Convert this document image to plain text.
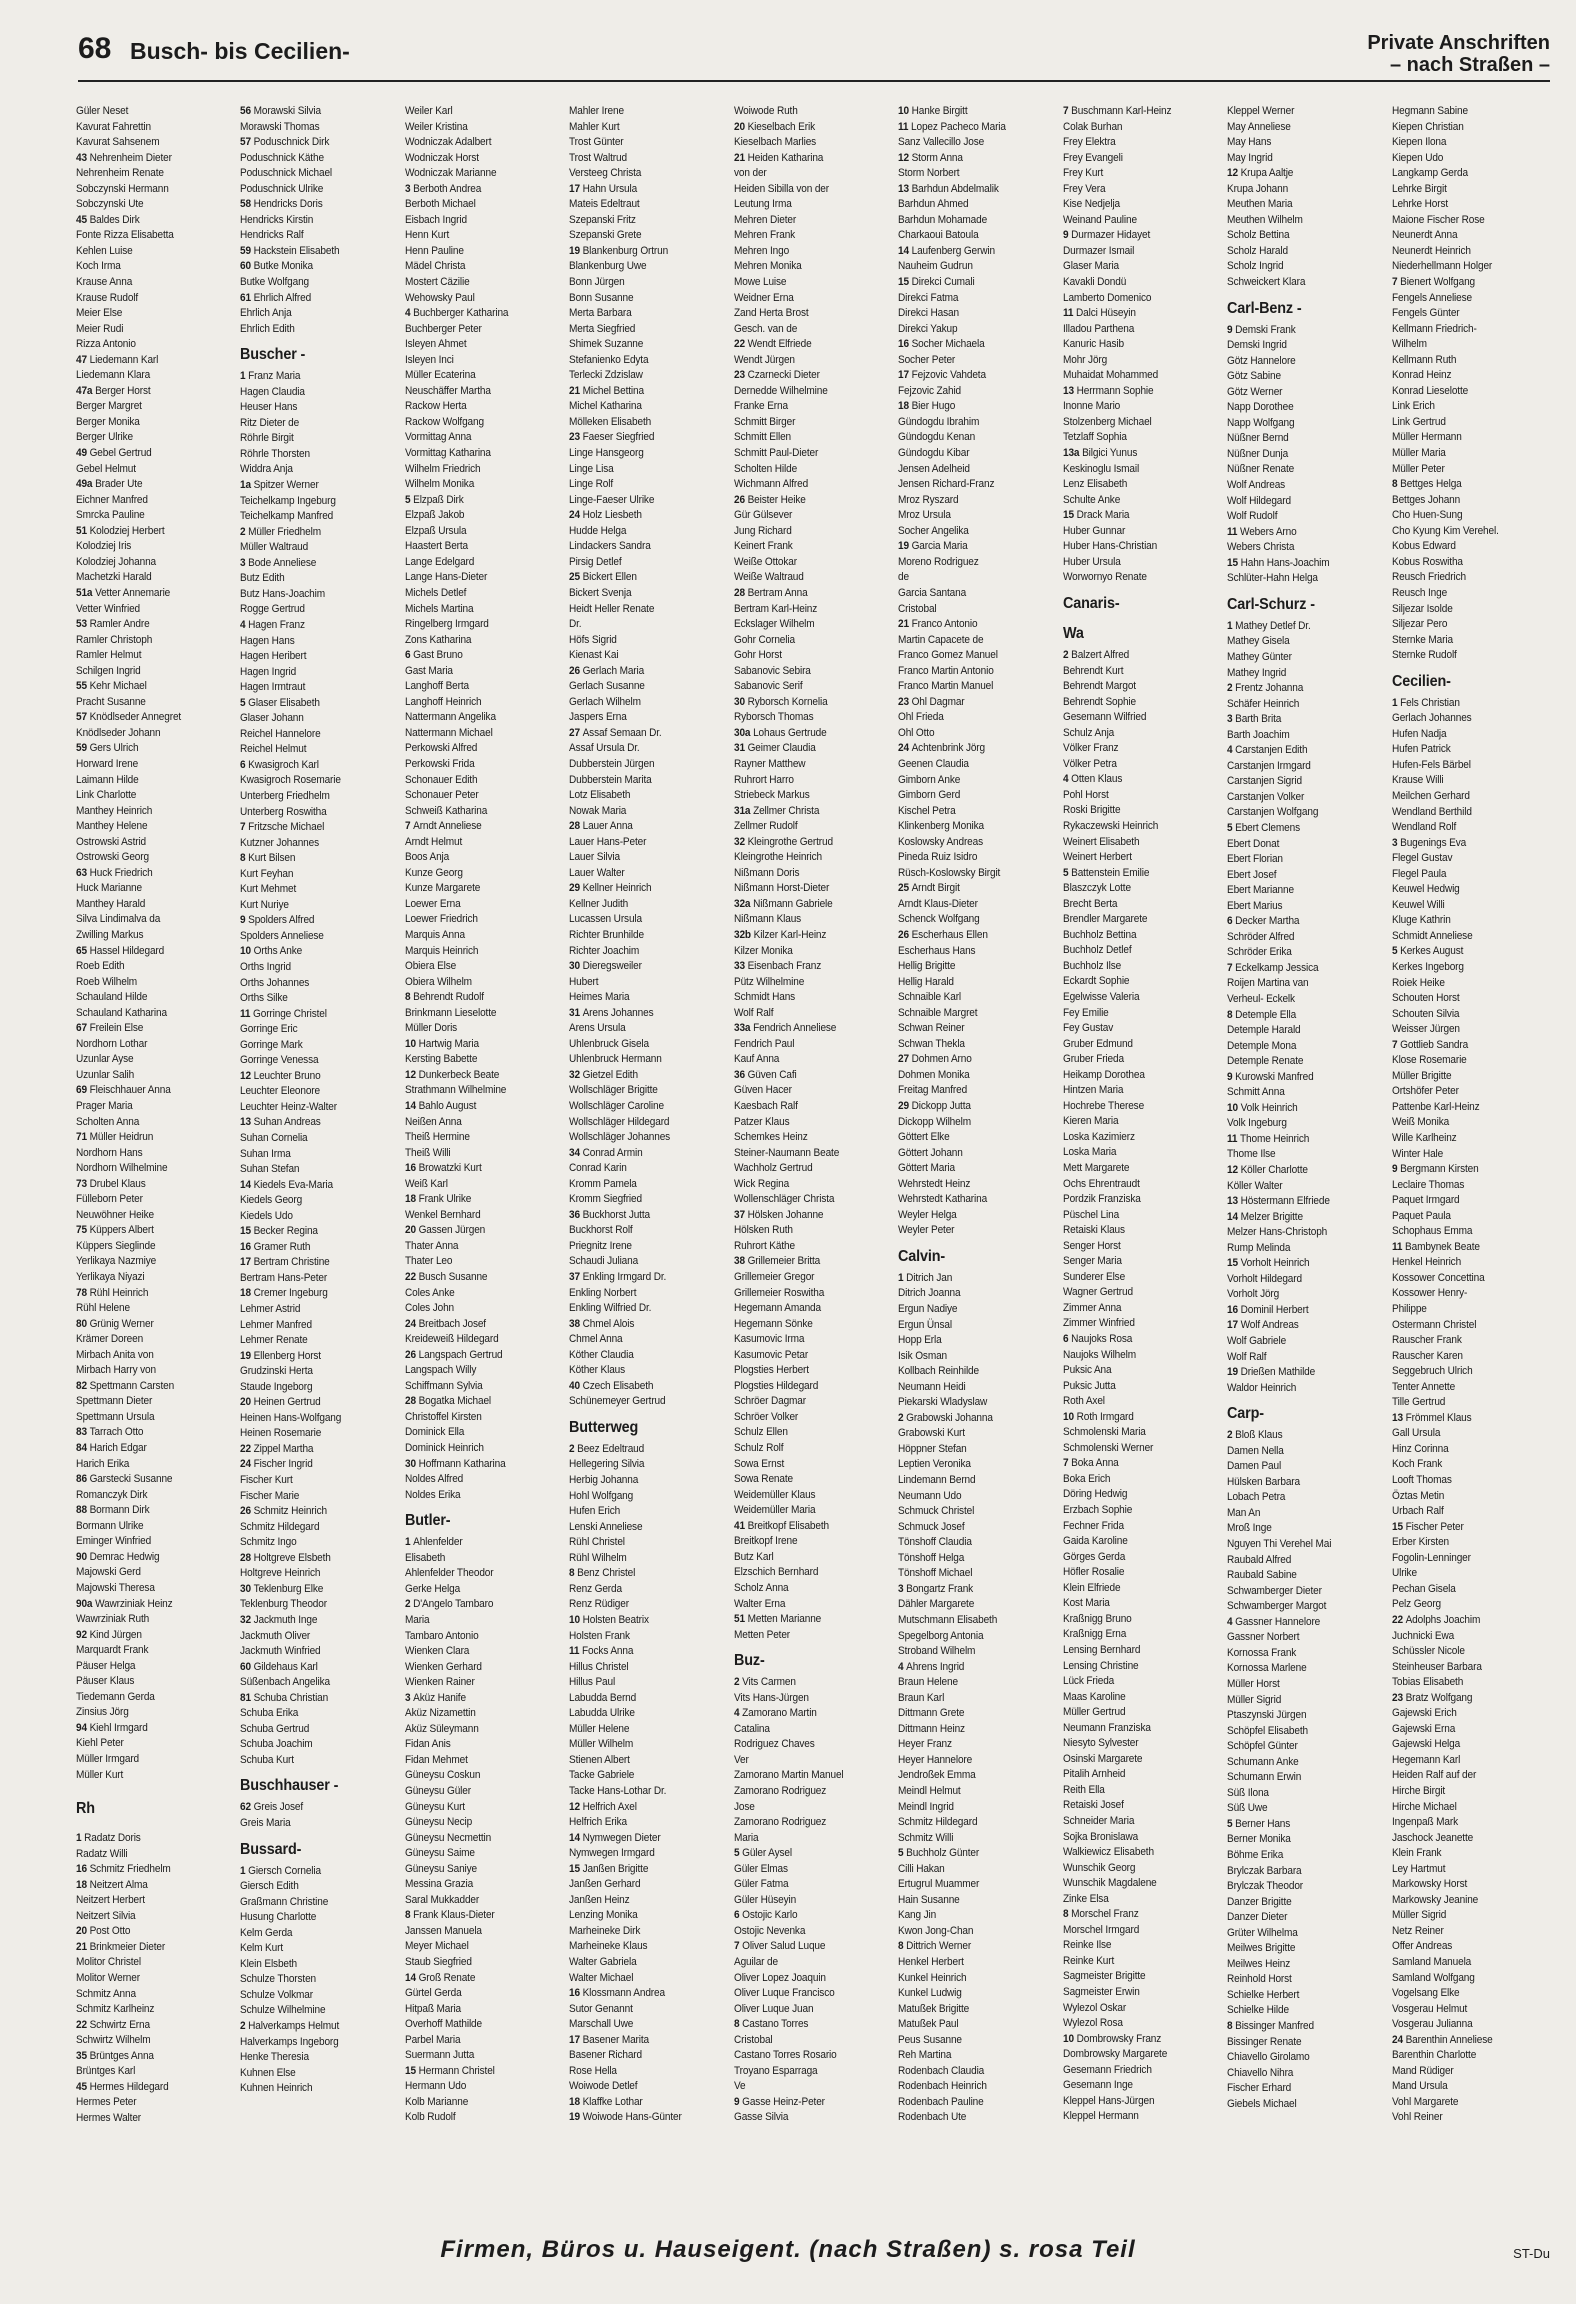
68 Busch- bis Cecilien-	Private Anschriften
– nach Straßen –
Güler Neset
Kavurat Fahrettin
Kavurat Sahsenem
43 Nehrenheim Dieter
Nehrenheim Renate
Sobczynski Hermann
Sobczynski Ute
45 Baldes Dirk
Fonte Rizza Elisabetta
Kehlen Luise
Koch Irma
Krause Anna
Krause Rudolf
Meier Else
Meier Rudi
Rizza Antonio
47 Liedemann Karl
Liedemann Klara
47a Berger Horst
Berger Margret
Berger Monika
Berger Ulrike
49 Gebel Gertrud
Gebel Helmut
49a Brader Ute
Eichner Manfred
Smrcka Pauline
51 Kolodziej Herbert
Kolodziej Iris
Kolodziej Johanna
Machetzki Harald
51a Vetter Annemarie
Vetter Winfried
53 Ramler Andre
Ramler Christoph
Ramler Helmut
Schilgen Ingrid
55 Kehr Michael
Pracht Susanne
57 Knödlseder Annegret
Knödlseder Johann
59 Gers Ulrich
Horward Irene
Laimann Hilde
Link Charlotte
Manthey Heinrich
Manthey Helene
Ostrowski Astrid
Ostrowski Georg
63 Huck Friedrich
Huck Marianne
Manthey Harald
Silva Lindimalva da
Zwilling Markus
65 Hassel Hildegard
Roeb Edith
Roeb Wilhelm
Schauland Hilde
Schauland Katharina
67 Freilein Else
Nordhorn Lothar
Uzunlar Ayse
Uzunlar Salih
69 Fleischhauer Anna
Prager Maria
Scholten Anna
71 Müller Heidrun
Nordhorn Hans
Nordhorn Wilhelmine
73 Drubel Klaus
Fülleborn Peter
Neuwöhner Heike
75 Küppers Albert
Küppers Sieglinde
Yerlikaya Nazmiye
Yerlikaya Niyazi
78 Rühl Heinrich
Rühl Helene
80 Grünig Werner
Krämer Doreen
Mirbach Anita von
Mirbach Harry von
82 Spettmann Carsten
Spettmann Dieter
Spettmann Ursula
83 Tarrach Otto
84 Harich Edgar
Harich Erika
86 Garstecki Susanne
Romanczyk Dirk
88 Bormann Dirk
Bormann Ulrike
Eminger Winfried
90 Demrac Hedwig
Majowski Gerd
Majowski Theresa
90a Wawrziniak Heinz
Wawrziniak Ruth
92 Kind Jürgen
Marquardt Frank
Päuser Helga
Päuser Klaus
Tiedemann Gerda
Zinsius Jörg
94 Kiehl Irmgard
Kiehl Peter
Müller Irmgard
Müller Kurt
Rh
1 Radatz Doris
Radatz Willi
16 Schmitz Friedhelm
18 Neitzert Alma
Neitzert Herbert
Neitzert Silvia
20 Post Otto
21 Brinkmeier Dieter
Molitor Christel
Molitor Werner
Schmitz Anna
Schmitz Karlheinz
22 Schwirtz Erna
Schwirtz Wilhelm
35 Brüntges Anna
Brüntges Karl
45 Hermes Hildegard
Hermes Peter
Hermes Walter
56 Morawski Silvia
Morawski Thomas
57 Poduschnick Dirk
Poduschnick Käthe
Poduschnick Michael
Poduschnick Ulrike
58 Hendricks Doris
Hendricks Kirstin
Hendricks Ralf
59 Hackstein Elisabeth
60 Butke Monika
Butke Wolfgang
61 Ehrlich Alfred
Ehrlich Anja
Ehrlich Edith
Buscher -
1 Franz Maria
Hagen Claudia
Heuser Hans
Ritz Dieter de
Röhrle Birgit
Röhrle Thorsten
Widdra Anja
1a Spitzer Werner
Teichelkamp Ingeburg
Teichelkamp Manfred
2 Müller Friedhelm
Müller Waltraud
3 Bode Anneliese
Butz Edith
Butz Hans-Joachim
Rogge Gertrud
4 Hagen Franz
Hagen Hans
Hagen Heribert
Hagen Ingrid
Hagen Irmtraut
5 Glaser Elisabeth
Glaser Johann
Reichel Hannelore
Reichel Helmut
6 Kwasigroch Karl
Kwasigroch Rosemarie
Unterberg Friedhelm
Unterberg Roswitha
7 Fritzsche Michael
Kutzner Johannes
8 Kurt Bilsen
Kurt Feyhan
Kurt Mehmet
Kurt Nuriye
9 Spolders Alfred
Spolders Anneliese
10 Orths Anke
Orths Ingrid
Orths Johannes
Orths Silke
11 Gorringe Christel
Gorringe Eric
Gorringe Mark
Gorringe Venessa
12 Leuchter Bruno
Leuchter Eleonore
Leuchter Heinz-Walter
13 Suhan Andreas
Suhan Cornelia
Suhan Irma
Suhan Stefan
14 Kiedels Eva-Maria
Kiedels Georg
Kiedels Udo
15 Becker Regina
16 Gramer Ruth
17 Bertram Christine
Bertram Hans-Peter
18 Cremer Ingeburg
Lehmer Astrid
Lehmer Manfred
Lehmer Renate
19 Ellenberg Horst
Grudzinski Herta
Staude Ingeborg
20 Heinen Gertrud
Heinen Hans-Wolfgang
Heinen Rosemarie
22 Zippel Martha
24 Fischer Ingrid
Fischer Kurt
Fischer Marie
26 Schmitz Heinrich
Schmitz Hildegard
Schmitz Ingo
28 Holtgreve Elsbeth
Holtgreve Heinrich
30 Teklenburg Elke
Teklenburg Theodor
32 Jackmuth Inge
Jackmuth Oliver
Jackmuth Winfried
60 Gildehaus Karl
Süßenbach Angelika
81 Schuba Christian
Schuba Erika
Schuba Gertrud
Schuba Joachim
Schuba Kurt
Buschhauser -
62 Greis Josef
Greis Maria
Bussard-
1 Giersch Cornelia
Giersch Edith
Graßmann Christine
Husung Charlotte
Kelm Gerda
Kelm Kurt
Klein Elsbeth
Schulze Thorsten
Schulze Volkmar
Schulze Wilhelmine
2 Halverkamps Helmut
Halverkamps Ingeborg
Henke Theresia
Kuhnen Else
Kuhnen Heinrich
Weiler Karl
Weiler Kristina
Wodniczak Adalbert
Wodniczak Horst
Wodniczak Marianne
3 Berboth Andrea
Berboth Michael
Eisbach Ingrid
Henn Kurt
Henn Pauline
Mädel Christa
Mostert Cäzilie
Wehowsky Paul
4 Buchberger Katharina
Buchberger Peter
Isleyen Ahmet
Isleyen Inci
Müller Ecaterina
Neuschäffer Martha
Rackow Herta
Rackow Wolfgang
Vormittag Anna
Vormittag Katharina
Wilhelm Friedrich
Wilhelm Monika
5 Elzpaß Dirk
Elzpaß Jakob
Elzpaß Ursula
Haastert Berta
Lange Edelgard
Lange Hans-Dieter
Michels Detlef
Michels Martina
Ringelberg Irmgard
Zons Katharina
6 Gast Bruno
Gast Maria
Langhoff Berta
Langhoff Heinrich
Nattermann Angelika
Nattermann Michael
Perkowski Alfred
Perkowski Frida
Schonauer Edith
Schonauer Peter
Schweiß Katharina
7 Arndt Anneliese
Arndt Helmut
Boos Anja
Kunze Georg
Kunze Margarete
Loewer Erna
Loewer Friedrich
Marquis Anna
Marquis Heinrich
Obiera Else
Obiera Wilhelm
8 Behrendt Rudolf
Brinkmann Lieselotte
Müller Doris
10 Hartwig Maria
Kersting Babette
12 Dunkerbeck Beate
Strathmann Wilhelmine
14 Bahlo August
Neißen Anna
Theiß Hermine
Theiß Willi
16 Browatzki Kurt
Weiß Karl
18 Frank Ulrike
Wenkel Bernhard
20 Gassen Jürgen
Thater Anna
Thater Leo
22 Busch Susanne
Coles Anke
Coles John
24 Breitbach Josef
Kreideweiß Hildegard
26 Langspach Gertrud
Langspach Willy
Schiffmann Sylvia
28 Bogatka Michael
Christoffel Kirsten
Dominick Ella
Dominick Heinrich
30 Hoffmann Katharina
Noldes Alfred
Noldes Erika
Butler-
1 Ahlenfelder
Elisabeth
Ahlenfelder Theodor
Gerke Helga
2 D'Angelo Tambaro
Maria
Tambaro Antonio
Wienken Clara
Wienken Gerhard
Wienken Rainer
3 Aküz Hanife
Aküz Nizamettin
Aküz Süleymann
Fidan Anis
Fidan Mehmet
Güneysu Coskun
Güneysu Güler
Güneysu Kurt
Güneysu Necip
Güneysu Necmettin
Güneysu Saime
Güneysu Saniye
Messina Grazia
Saral Mukkadder
8 Frank Klaus-Dieter
Janssen Manuela
Meyer Michael
Staub Siegfried
14 Groß Renate
Gürtel Gerda
Hitpaß Maria
Overhoff Mathilde
Parbel Maria
Suermann Jutta
15 Hermann Christel
Hermann Udo
Kolb Marianne
Kolb Rudolf
Mahler Irene
Mahler Kurt
Trost Günter
Trost Waltrud
Versteeg Christa
17 Hahn Ursula
Mateis Edeltraut
Szepanski Fritz
Szepanski Grete
19 Blankenburg Ortrun
Blankenburg Uwe
Bonn Jürgen
Bonn Susanne
Merta Barbara
Merta Siegfried
Shimek Suzanne
Stefanienko Edyta
Terlecki Zdzislaw
21 Michel Bettina
Michel Katharina
Mölleken Elisabeth
23 Faeser Siegfried
Linge Hansgeorg
Linge Lisa
Linge Rolf
Linge-Faeser Ulrike
24 Holz Liesbeth
Hudde Helga
Lindackers Sandra
Pirsig Detlef
25 Bickert Ellen
Bickert Svenja
Heidt Heller Renate
Dr.
Höfs Sigrid
Kienast Kai
26 Gerlach Maria
Gerlach Susanne
Gerlach Wilhelm
Jaspers Erna
27 Assaf Semaan Dr.
Assaf Ursula Dr.
Dubberstein Jürgen
Dubberstein Marita
Lotz Elisabeth
Nowak Maria
28 Lauer Anna
Lauer Hans-Peter
Lauer Silvia
Lauer Walter
29 Kellner Heinrich
Kellner Judith
Lucassen Ursula
Richter Brunhilde
Richter Joachim
30 Dieregsweiler
Hubert
Heimes Maria
31 Arens Johannes
Arens Ursula
Uhlenbruck Gisela
Uhlenbruck Hermann
32 Gietzel Edith
Wollschläger Brigitte
Wollschläger Caroline
Wollschläger Hildegard
Wollschläger Johannes
34 Conrad Armin
Conrad Karin
Kromm Pamela
Kromm Siegfried
36 Buckhorst Jutta
Buckhorst Rolf
Priegnitz Irene
Schaudi Juliana
37 Enkling Irmgard Dr.
Enkling Norbert
Enkling Wilfried Dr.
38 Chmel Alois
Chmel Anna
Köther Claudia
Köther Klaus
40 Czech Elisabeth
Schünemeyer Gertrud
Butterweg
2 Beez Edeltraud
Hellegering Silvia
Herbig Johanna
Hohl Wolfgang
Hufen Erich
Lenski Anneliese
Rühl Christel
Rühl Wilhelm
8 Benz Christel
Renz Gerda
Renz Rüdiger
10 Holsten Beatrix
Holsten Frank
11 Focks Anna
Hillus Christel
Hillus Paul
Labudda Bernd
Labudda Ulrike
Müller Helene
Müller Wilhelm
Stienen Albert
Tacke Gabriele
Tacke Hans-Lothar Dr.
12 Helfrich Axel
Helfrich Erika
14 Nymwegen Dieter
Nymwegen Irmgard
15 Janßen Brigitte
Janßen Gerhard
Janßen Heinz
Lenzing Monika
Marheineke Dirk
Marheineke Klaus
Walter Gabriela
Walter Michael
16 Klossmann Andrea
Sutor Genannt
Marschall Uwe
17 Basener Marita
Basener Richard
Rose Hella
Woiwode Detlef
18 Klaffke Lothar
19 Woiwode Hans-Günter
Woiwode Ruth
20 Kieselbach Erik
Kieselbach Marlies
21 Heiden Katharina
von der
Heiden Sibilla von der
Leutung Irma
Mehren Dieter
Mehren Frank
Mehren Ingo
Mehren Monika
Mowe Luise
Weidner Erna
Zand Herta Brost
Gesch. van de
22 Wendt Elfriede
Wendt Jürgen
23 Czarnecki Dieter
Dernedde Wilhelmine
Franke Erna
Schmitt Birger
Schmitt Ellen
Schmitt Paul-Dieter
Scholten Hilde
Wichmann Alfred
26 Beister Heike
Gür Gülsever
Jung Richard
Keinert Frank
Weiße Ottokar
Weiße Waltraud
28 Bertram Anna
Bertram Karl-Heinz
Eckslager Wilhelm
Gohr Cornelia
Gohr Horst
Sabanovic Sebira
Sabanovic Serif
30 Ryborsch Kornelia
Ryborsch Thomas
30a Lohaus Gertrude
31 Geimer Claudia
Rayner Matthew
Ruhrort Harro
Striebeck Markus
31a Zellmer Christa
Zellmer Rudolf
32 Kleingrothe Gertrud
Kleingrothe Heinrich
Nißmann Doris
Nißmann Horst-Dieter
32a Nißmann Gabriele
Nißmann Klaus
32b Kilzer Karl-Heinz
Kilzer Monika
33 Eisenbach Franz
Pütz Wilhelmine
Schmidt Hans
Wolf Ralf
33a Fendrich Anneliese
Fendrich Paul
Kauf Anna
36 Güven Cafi
Güven Hacer
Kaesbach Ralf
Patzer Klaus
Schemkes Heinz
Steiner-Naumann Beate
Wachholz Gertrud
Wick Regina
Wollenschläger Christa
37 Hölsken Johanne
Hölsken Ruth
Ruhrort Käthe
38 Grillemeier Britta
Grillemeier Gregor
Grillemeier Roswitha
Hegemann Amanda
Hegemann Sönke
Kasumovic Irma
Kasumovic Petar
Plogsties Herbert
Plogsties Hildegard
Schröer Dagmar
Schröer Volker
Schulz Ellen
Schulz Rolf
Sowa Ernst
Sowa Renate
Weidemüller Klaus
Weidemüller Maria
41 Breitkopf Elisabeth
Breitkopf Irene
Butz Karl
Elzschich Bernhard
Scholz Anna
Walter Erna
51 Metten Marianne
Metten Peter
Buz-
2 Vits Carmen
Vits Hans-Jürgen
4 Zamorano Martin
Catalina
Rodriguez Chaves
Ver
Zamorano Martin Manuel
Zamorano Rodriguez
Jose
Zamorano Rodriguez
Maria
5 Güler Aysel
Güler Elmas
Güler Fatma
Güler Hüseyin
6 Ostojic Karlo
Ostojic Nevenka
7 Oliver Salud Luque
Aguilar de
Oliver Lopez Joaquin
Oliver Luque Francisco
Oliver Luque Juan
8 Castano Torres
Cristobal
Castano Torres Rosario
Troyano Esparraga
Ve
9 Gasse Heinz-Peter
Gasse Silvia
10 Hanke Birgitt
11 Lopez Pacheco Maria
Sanz Vallecillo Jose
12 Storm Anna
Storm Norbert
13 Barhdun Abdelmalik
Barhdun Ahmed
Barhdun Mohamade
Charkaoui Batoula
14 Laufenberg Gerwin
Nauheim Gudrun
15 Direkci Cumali
Direkci Fatma
Direkci Hasan
Direkci Yakup
16 Socher Michaela
Socher Peter
17 Fejzovic Vahdeta
Fejzovic Zahid
18 Bier Hugo
Gündogdu Ibrahim
Gündogdu Kenan
Gündogdu Kibar
Jensen Adelheid
Jensen Richard-Franz
Mroz Ryszard
Mroz Ursula
Socher Angelika
19 Garcia Maria
Moreno Rodriguez
de
Garcia Santana
Cristobal
21 Franco Antonio
Martin Capacete de
Franco Gomez Manuel
Franco Martin Antonio
Franco Martin Manuel
23 Ohl Dagmar
Ohl Frieda
Ohl Otto
24 Achtenbrink Jörg
Geenen Claudia
Gimborn Anke
Gimborn Gerd
Kischel Petra
Klinkenberg Monika
Koslowsky Andreas
Pineda Ruiz Isidro
Rüsch-Koslowsky Birgit
25 Arndt Birgit
Arndt Klaus-Dieter
Schenck Wolfgang
26 Escherhaus Ellen
Escherhaus Hans
Hellig Brigitte
Hellig Harald
Schnaible Karl
Schnaible Margret
Schwan Reiner
Schwan Thekla
27 Dohmen Arno
Dohmen Monika
Freitag Manfred
29 Dickopp Jutta
Dickopp Wilhelm
Göttert Elke
Göttert Johann
Göttert Maria
Wehrstedt Heinz
Wehrstedt Katharina
Weyler Helga
Weyler Peter
Calvin-
1 Ditrich Jan
Ditrich Joanna
Ergun Nadiye
Ergun Ünsal
Hopp Erla
Isik Osman
Kollbach Reinhilde
Neumann Heidi
Piekarski Wladyslaw
2 Grabowski Johanna
Grabowski Kurt
Höppner Stefan
Leptien Veronika
Lindemann Bernd
Neumann Udo
Schmuck Christel
Schmuck Josef
Tönshoff Claudia
Tönshoff Helga
Tönshoff Michael
3 Bongartz Frank
Dähler Margarete
Mutschmann Elisabeth
Spegelborg Antonia
Stroband Wilhelm
4 Ahrens Ingrid
Braun Helene
Braun Karl
Dittmann Grete
Dittmann Heinz
Heyer Franz
Heyer Hannelore
Jendroßek Emma
Meindl Helmut
Meindl Ingrid
Schmitz Hildegard
Schmitz Willi
5 Buchholz Günter
Cilli Hakan
Ertugrul Muammer
Hain Susanne
Kang Jin
Kwon Jong-Chan
8 Dittrich Werner
Henkel Herbert
Kunkel Heinrich
Kunkel Ludwig
Matußek Brigitte
Matußek Paul
Peus Susanne
Reh Martina
Rodenbach Claudia
Rodenbach Heinrich
Rodenbach Pauline
Rodenbach Ute
7 Buschmann Karl-Heinz
Colak Burhan
Frey Elektra
Frey Evangeli
Frey Kurt
Frey Vera
Kise Nedjelja
Weinand Pauline
9 Durmazer Hidayet
Durmazer Ismail
Glaser Maria
Kavakli Dondü
Lamberto Domenico
11 Dalci Hüseyin
Illadou Parthena
Kanuric Hasib
Mohr Jörg
Muhaidat Mohammed
13 Herrmann Sophie
Inonne Mario
Stolzenberg Michael
Tetzlaff Sophia
13a Bilgici Yunus
Keskinoglu Ismail
Lenz Elisabeth
Schulte Anke
15 Drack Maria
Huber Gunnar
Huber Hans-Christian
Huber Ursula
Worwornyo Renate
Canaris-
Wa
2 Balzert Alfred
Behrendt Kurt
Behrendt Margot
Behrendt Sophie
Gesemann Wilfried
Schulz Anja
Völker Franz
Völker Petra
4 Otten Klaus
Pohl Horst
Roski Brigitte
Rykaczewski Heinrich
Weinert Elisabeth
Weinert Herbert
5 Battenstein Emilie
Blaszczyk Lotte
Brecht Berta
Brendler Margarete
Buchholz Bettina
Buchholz Detlef
Buchholz Ilse
Eckardt Sophie
Egelwisse Valeria
Fey Emilie
Fey Gustav
Gruber Edmund
Gruber Frieda
Heikamp Dorothea
Hintzen Maria
Hochrebe Therese
Kieren Maria
Loska Kazimierz
Loska Maria
Mett Margarete
Ochs Ehrentraudt
Pordzik Franziska
Püschel Lina
Retaiski Klaus
Senger Horst
Senger Maria
Sunderer Else
Wagner Gertrud
Zimmer Anna
Zimmer Winfried
6 Naujoks Rosa
Naujoks Wilhelm
Puksic Ana
Puksic Jutta
Roth Axel
10 Roth Irmgard
Schmolenski Maria
Schmolenski Werner
7 Boka Anna
Boka Erich
Döring Hedwig
Erzbach Sophie
Fechner Frida
Gaida Karoline
Görges Gerda
Höfler Rosalie
Klein Elfriede
Kost Maria
Kraßnigg Bruno
Kraßnigg Erna
Lensing Bernhard
Lensing Christine
Lück Frieda
Maas Karoline
Müller Gertrud
Neumann Franziska
Niesyto Sylvester
Osinski Margarete
Pitalih Arnheid
Reith Ella
Retaiski Josef
Schneider Maria
Sojka Bronislawa
Walkiewicz Elisabeth
Wunschik Georg
Wunschik Magdalene
Zinke Elsa
8 Morschel Franz
Morschel Irmgard
Reinke Ilse
Reinke Kurt
Sagmeister Brigitte
Sagmeister Erwin
Wylezol Oskar
Wylezol Rosa
10 Dombrowsky Franz
Dombrowsky Margarete
Gesemann Friedrich
Gesemann Inge
Kleppel Hans-Jürgen
Kleppel Hermann
Kleppel Werner
May Anneliese
May Hans
May Ingrid
12 Krupa Aaltje
Krupa Johann
Meuthen Maria
Meuthen Wilhelm
Scholz Bettina
Scholz Harald
Scholz Ingrid
Schweickert Klara
Carl-Benz -
9 Demski Frank
Demski Ingrid
Götz Hannelore
Götz Sabine
Götz Werner
Napp Dorothee
Napp Wolfgang
Nüßner Bernd
Nüßner Dunja
Nüßner Renate
Wolf Andreas
Wolf Hildegard
Wolf Rudolf
11 Webers Arno
Webers Christa
15 Hahn Hans-Joachim
Schlüter-Hahn Helga
Carl-Schurz -
1 Mathey Detlef Dr.
Mathey Gisela
Mathey Günter
Mathey Ingrid
2 Frentz Johanna
Schäfer Heinrich
3 Barth Brita
Barth Joachim
4 Carstanjen Edith
Carstanjen Irmgard
Carstanjen Sigrid
Carstanjen Volker
Carstanjen Wolfgang
5 Ebert Clemens
Ebert Donat
Ebert Florian
Ebert Josef
Ebert Marianne
Ebert Marius
6 Decker Martha
Schröder Alfred
Schröder Erika
7 Eckelkamp Jessica
Roijen Martina van
Verheul- Eckelk
8 Detemple Ella
Detemple Harald
Detemple Mona
Detemple Renate
9 Kurowski Manfred
Schmitt Anna
10 Volk Heinrich
Volk Ingeburg
11 Thome Heinrich
Thome Ilse
12 Köller Charlotte
Köller Walter
13 Höstermann Elfriede
14 Melzer Brigitte
Melzer Hans-Christoph
Rump Melinda
15 Vorholt Heinrich
Vorholt Hildegard
Vorholt Jörg
16 Dominil Herbert
17 Wolf Andreas
Wolf Gabriele
Wolf Ralf
19 Drießen Mathilde
Waldor Heinrich
Carp-
2 Bloß Klaus
Damen Nella
Damen Paul
Hülsken Barbara
Lobach Petra
Man An
Mroß Inge
Nguyen Thi Verehel Mai
Raubald Alfred
Raubald Sabine
Schwamberger Dieter
Schwamberger Margot
4 Gassner Hannelore
Gassner Norbert
Kornossa Frank
Kornossa Marlene
Müller Horst
Müller Sigrid
Ptaszynski Jürgen
Schöpfel Elisabeth
Schöpfel Günter
Schumann Anke
Schumann Erwin
Süß Ilona
Süß Uwe
5 Berner Hans
Berner Monika
Böhme Erika
Brylczak Barbara
Brylczak Theodor
Danzer Brigitte
Danzer Dieter
Grüter Wilhelma
Meilwes Brigitte
Meilwes Heinz
Reinhold Horst
Schielke Herbert
Schielke Hilde
8 Bissinger Manfred
Bissinger Renate
Chiavello Girolamo
Chiavello Nihra
Fischer Erhard
Giebels Michael
Hegmann Sabine
Kiepen Christian
Kiepen Ilona
Kiepen Udo
Langkamp Gerda
Lehrke Birgit
Lehrke Horst
Maione Fischer Rose
Neunerdt Anna
Neunerdt Heinrich
Niederhellmann Holger
7 Bienert Wolfgang
Fengels Anneliese
Fengels Günter
Kellmann Friedrich-
Wilhelm
Kellmann Ruth
Konrad Heinz
Konrad Lieselotte
Link Erich
Link Gertrud
Müller Hermann
Müller Maria
Müller Peter
8 Bettges Helga
Bettges Johann
Cho Huen-Sung
Cho Kyung Kim Verehel.
Kobus Edward
Kobus Roswitha
Reusch Friedrich
Reusch Inge
Siljezar Isolde
Siljezar Pero
Sternke Maria
Sternke Rudolf
Cecilien-
1 Fels Christian
Gerlach Johannes
Hufen Nadja
Hufen Patrick
Hufen-Fels Bärbel
Krause Willi
Meilchen Gerhard
Wendland Berthild
Wendland Rolf
3 Bugenings Eva
Flegel Gustav
Flegel Paula
Keuwel Hedwig
Keuwel Willi
Kluge Kathrin
Schmidt Anneliese
5 Kerkes August
Kerkes Ingeborg
Roiek Heike
Schouten Horst
Schouten Silvia
Weisser Jürgen
7 Gottlieb Sandra
Klose Rosemarie
Müller Brigitte
Ortshöfer Peter
Pattenbe Karl-Heinz
Weiß Monika
Wille Karlheinz
Winter Hale
9 Bergmann Kirsten
Leclaire Thomas
Paquet Irmgard
Paquet Paula
Schophaus Emma
11 Bambynek Beate
Henkel Heinrich
Kossower Concettina
Kossower Henry-
Philippe
Ostermann Christel
Rauscher Frank
Rauscher Karen
Seggebruch Ulrich
Tenter Annette
Tille Gertrud
13 Frömmel Klaus
Gall Ursula
Hinz Corinna
Koch Frank
Looft Thomas
Öztas Metin
Urbach Ralf
15 Fischer Peter
Erber Kirsten
Fogolin-Lenninger
Ulrike
Pechan Gisela
Pelz Georg
22 Adolphs Joachim
Juchnicki Ewa
Schüssler Nicole
Steinheuser Barbara
Tobias Elisabeth
23 Bratz Wolfgang
Gajewski Erich
Gajewski Erna
Gajewski Helga
Hegemann Karl
Heiden Ralf auf der
Hirche Birgit
Hirche Michael
Ingenpaß Mark
Jaschock Jeanette
Klein Frank
Ley Hartmut
Markowsky Horst
Markowsky Jeanine
Müller Sigrid
Netz Reiner
Offer Andreas
Samland Manuela
Samland Wolfgang
Vogelsang Elke
Vosgerau Helmut
Vosgerau Julianna
24 Barenthin Anneliese
Barenthin Charlotte
Mand Rüdiger
Mand Ursula
Vohl Margarete
Vohl Reiner
Firmen, Büros u. Hauseigent. (nach Straßen) s. rosa Teil	ST-Du
